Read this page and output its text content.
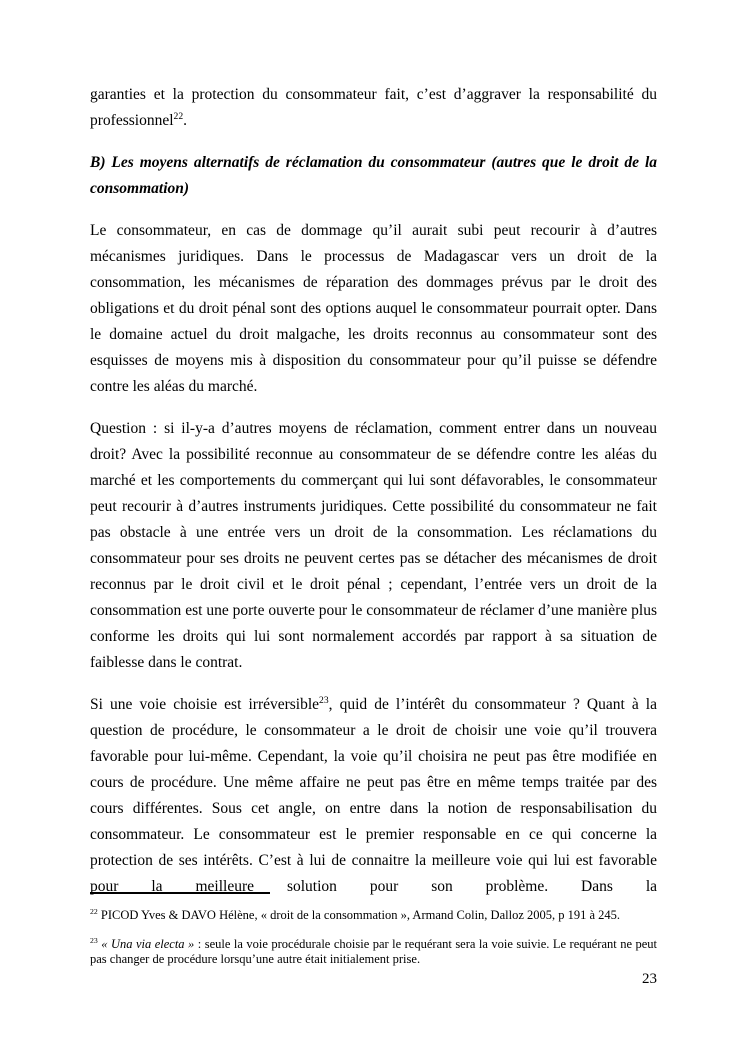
garanties et la protection du consommateur fait, c’est d’aggraver la responsabilité du professionnel$^{22}$.

B) Les moyens alternatifs de réclamation du consommateur (autres que le droit de la consommation)

Le consommateur, en cas de dommage qu’il aurait subi peut recourir à d’autres mécanismes juridiques. Dans le processus de Madagascar vers un droit de la consommation, les mécanismes de réparation des dommages prévus par le droit des obligations et du droit pénal sont des options auquel le consommateur pourrait opter. Dans le domaine actuel du droit malgache, les droits reconnus au consommateur sont des esquisses de moyens mis à disposition du consommateur pour qu’il puisse se défendre contre les aléas du marché.

Question : si il-y-a d’autres moyens de réclamation, comment entrer dans un nouveau droit? Avec la possibilité reconnue au consommateur de se défendre contre les aléas du marché et les comportements du commerçant qui lui sont défavorables, le consommateur peut recourir à d’autres instruments juridiques. Cette possibilité du consommateur ne fait pas obstacle à une entrée vers un droit de la consommation. Les réclamations du consommateur pour ses droits ne peuvent certes pas se détacher des mécanismes de droit reconnus par le droit civil et le droit pénal ; cependant, l’entrée vers un droit de la consommation est une porte ouverte pour le consommateur de réclamer d’une manière plus conforme les droits qui lui sont normalement accordés par rapport à sa situation de faiblesse dans le contrat.

Si une voie choisie est irréversible$^{23}$, quid de l’intérêt du consommateur ? Quant à la question de procédure, le consommateur a le droit de choisir une voie qu’il trouvera favorable pour lui-même. Cependant, la voie qu’il choisira ne peut pas être modifiée en cours de procédure. Une même affaire ne peut pas être en même temps traitée par des cours différentes. Sous cet angle, on entre dans la notion de responsabilisation du consommateur. Le consommateur est le premier responsable en ce qui concerne la protection de ses intérêts. C’est à lui de connaitre la meilleure voie qui lui est favorable pour la meilleure solution pour son problème. Dans la

$^{22}$ PICOD Yves & DAVO Hélène, « droit de la consommation », Armand Colin, Dalloz 2005, p 191 à 245.

$^{23}$ « Una via electa » : seule la voie procédurale choisie par le requérant sera la voie suivie. Le requérant ne peut pas changer de procédure lorsqu’une autre était initialement prise.

23
